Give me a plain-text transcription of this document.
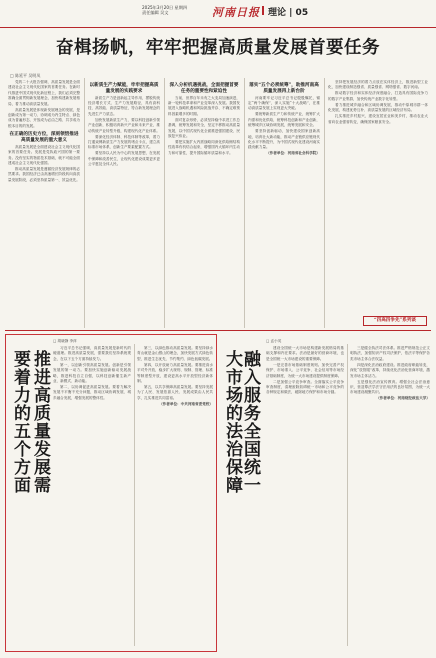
2025年3月20日 星期四
责任编辑 吴文	河南日报 理论 | 05
奋楫扬帆，牢牢把握高质量发展首要任务
□ 陈延平 吴明凤

党的二十大报告强调，高质量发展是全面建设社会主义现代化国家的首要任务。在新时代推进中国式现代化新征程上，我们必须完整准确全面贯彻新发展理念，加快构建新发展格局，着力推动高质量发展。

高质量发展是体现新发展理念的发展，是创新成为第一动力、协调成为内生特点、绿色成为普遍形态、开放成为必由之路、共享成为根本目的的发展。

在正确的历史方位，深刻领悟推进高质量发展的重大意义

高质量发展是全面建设社会主义现代化国家的首要任务。发展是党执政兴国的第一要务。没有坚实的物质技术基础，就不可能全面建成社会主义现代化强国。

推动高质量发展是遵循经济发展规律的必然要求。我国经济已由高速增长阶段转向高质量发展阶段，必须坚持质量第一、效益优先。

以新质生产力赋能，牢牢把握高质量发展的实践要求

新质生产力是创新起主导作用，摆脱传统经济增长方式、生产力发展路径，具有高科技、高效能、高质量特征，符合新发展理念的先进生产力质态。

加快发展新质生产力，要以科技创新引领产业创新，积极培育新兴产业和未来产业，推动传统产业转型升级，构建现代化产业体系。

要深化经济体制、科技体制等改革，着力打通束缚新质生产力发展的堵点卡点，建立高标准市场体系，创新生产要素配置方式。

要坚持以人民为中心的发展思想，在发展中保障和改善民生，让现代化建设成果更多更公平惠及全体人民。

深入分析机遇挑战，全面把握首要任务的重要性和紧迫性

当前，世界百年未有之大变局加速演进，新一轮科技革命和产业变革深入发展。我国发展进入战略机遇和风险挑战并存、不确定难预料因素增多的时期。

面对复杂形势，必须坚持稳中求进工作总基调，统筹发展和安全，坚定不移推动高质量发展，以中国式现代化全面推进强国建设、民族复兴伟业。

要把实施扩大内需战略同深化供给侧结构性改革有机结合起来，增强国内大循环内生动力和可靠性，提升国际循环质量和水平。

落实“五个必须统筹”，助推河南高质量发展再上新台阶

河南要牢记习近平总书记殷殷嘱托，锚定“两个确保”，深入实施“十大战略”，在推动高质量发展上实现更大突破。

要统筹新质生产力和传统产业，统筹扩大内需和优化供给，统筹科技创新和产业创新，统筹城乡区域协调发展，统筹发展和安全。

要坚持创新驱动，加快建设国家创新高地，培育壮大新动能，推动产业链供应链现代化水平不断提升，为中国式现代化建设河南实践贡献力量。

（作者单位：河南省社会科学院）

坚持把发展经济的着力点放在实体经济上，推进新型工业化，加快建设制造强省、质量强省、网络强省、数字河南。

推动数字经济和实体经济深度融合，打造具有国际竞争力的数字产业集群，加快传统产业数字化转型。

着力推进城乡融合和区域协调发展，推动中原城市群一体化发展，构建优势互补、高质量发展的区域经济布局。

扎实推进乡村振兴，建设宜居宜业和美乡村，推动农业大省向农业强省转变，确保国家粮食安全。

“四高四争先”系列谈
要着力的五个方面 推进高质量发展需
□ 胡晓静 李萍

习近平总书记强调，高质量发展是新时代的硬道理。推进高质量发展，需要我们坚持系统观念，在以下五个方面持续发力。

第一，以创新引领高质量发展。创新是引领发展的第一动力。要加快实施创新驱动发展战略，推进科技自立自强，以科技创新催生新产业、新模式、新动能。

第二，以协调促进高质量发展。要着力解决发展不平衡不充分问题，推动区域协调发展、城乡融合发展，增强发展的整体性。

第三，以绿色推动高质量发展。要坚持绿水青山就是金山银山的理念，加快发展方式绿色转型，推进生态优先、节约集约、绿色低碳发展。

第四，以开放助力高质量发展。要推进高水平对外开放，稳步扩大规则、规制、管理、标准等制度型开放，建设更高水平开放型经济新体制。

第五，以共享保障高质量发展。要坚持发展为了人民、发展依靠人民、发展成果由人民共享，扎实推进共同富裕。

（作者单位：中共河南省委党校） 大市场的法治保障
融入服务全国统一
□ 孟小英

建设全国统一大市场是构建新发展格局的基础支撑和内在要求。法治是最好的营商环境，也是全国统一大市场建设的重要保障。

一是完善市场基础制度规则。加快完善产权保护、市场准入、公平竞争、社会信用等市场经济基础制度，为统一大市场建设提供制度保障。

二是加强公平竞争审查。全面落实公平竞争审查制度，清理废除妨碍统一市场和公平竞争的各种规定和做法，破除地方保护和市场分割。

三是健全执法司法体系。推进严格规范公正文明执法，加强知识产权司法保护，依法平等保护各类市场主体合法权益。

四是深化法治政府建设。推进政府职能转变，深化“放管服”改革，持续优化法治化营商环境，激发市场主体活力。

五是强化法治宣传教育。增强全社会法治意识，营造尊法学法守法用法的良好氛围，为统一大市场建设凝聚共识。

（作者单位：河南财经政法大学）
